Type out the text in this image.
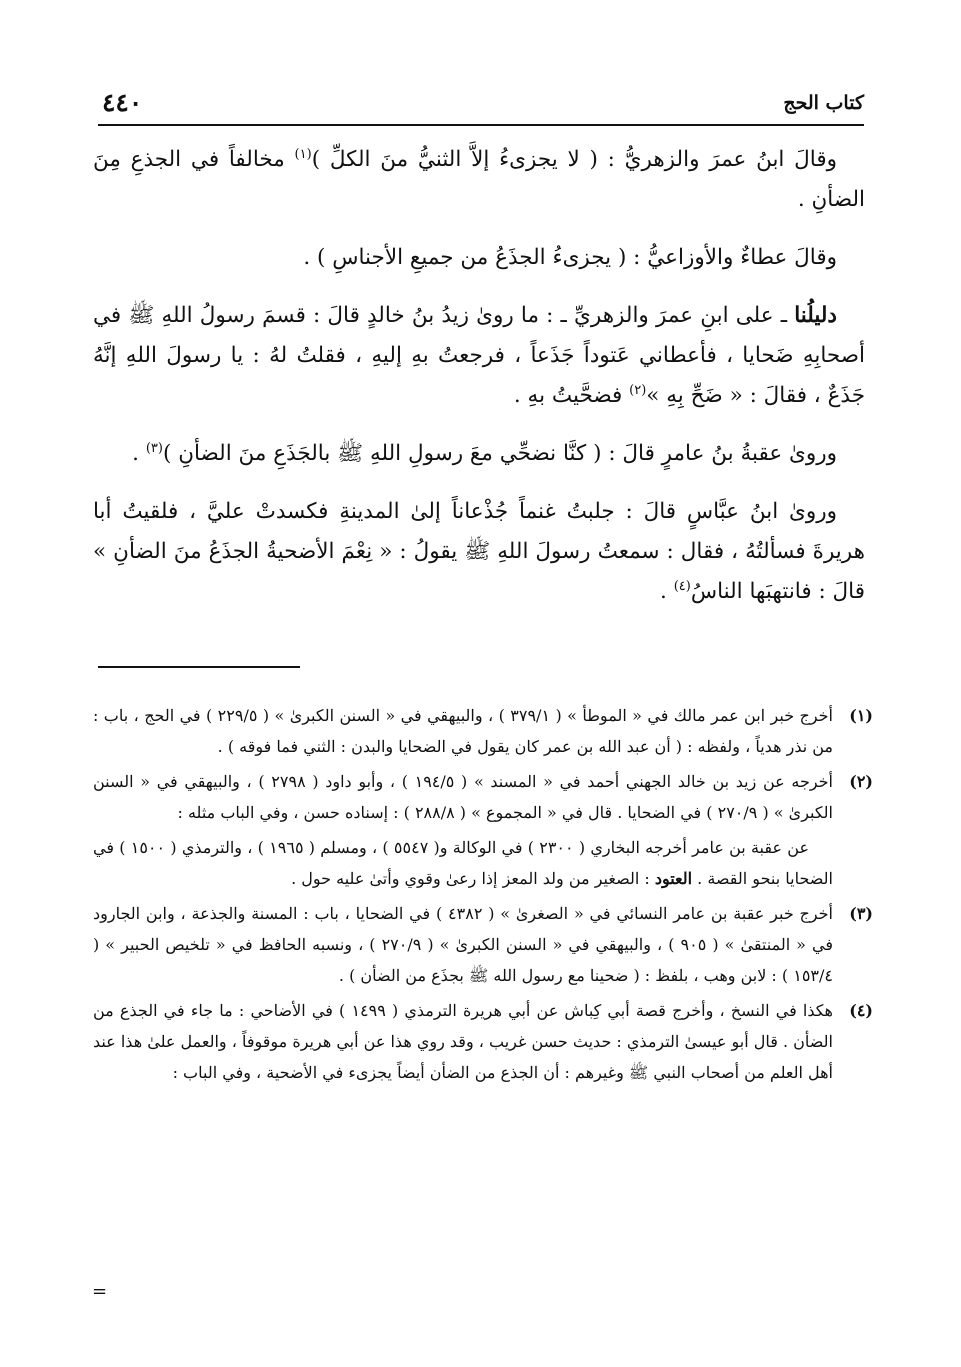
٤٤٠	كتاب الحج

وقالَ ابنُ عمرَ والزهريُّ : ( لا يجزىءُ إلاَّ الثنيُّ منَ الكلِّ )$^{(١)}$ مخالفاً في الجذعِ مِنَ الضأنِ .

وقالَ عطاءٌ والأوزاعيُّ : ( يجزىءُ الجذَعُ من جميعِ الأجناسِ ) .

دليلُنا ـ على ابنِ عمرَ والزهريِّ ـ : ما روىٰ زيدُ بنُ خالدٍ قالَ : قسمَ رسولُ اللهِ ﷺ في أصحابِهِ ضَحايا ، فأعطاني عَتوداً جَذَعاً ، فرجعتُ بهِ إليهِ ، فقلتُ لهُ : يا رسولَ اللهِ إنَّهُ جَذَعٌ ، فقالَ : « ضَحِّ بِهِ »$^{(٢)}$ فضحَّيتُ بهِ .

وروىٰ عقبةُ بنُ عامرٍ قالَ : ( كنَّا نضحِّي معَ رسولِ اللهِ ﷺ بالجَذَعِ منَ الضأنِ )$^{(٣)}$ .

وروىٰ ابنُ عبَّاسٍ قالَ : جلبتُ غنماً جُذْعاناً إلىٰ المدينةِ فكسدتْ عليَّ ، فلقيتُ أبا هريرةَ فسألتُهُ ، فقال : سمعتُ رسولَ اللهِ ﷺ يقولُ : « نِعْمَ الأضحيةُ الجذَعُ منَ الضأنِ » قالَ : فانتهبَها الناسُ$^{(٤)}$ .

(١)

أخرج خبر ابن عمر مالك في « الموطأ » ( ٣٧٩/١ ) ، والبيهقي في « السنن الكبرىٰ » ( ٢٢٩/٥ ) في الحج ، باب : من نذر هدياً ، ولفظه : ( أن عبد الله بن عمر كان يقول في الضحايا والبدن : الثني فما فوقه ) .

(٢)

أخرجه عن زيد بن خالد الجهني أحمد في « المسند » ( ١٩٤/٥ ) ، وأبو داود ( ٢٧٩٨ ) ، والبيهقي في « السنن الكبرىٰ » ( ٢٧٠/٩ ) في الضحايا . قال في « المجموع » ( ٢٨٨/٨ ) : إسناده حسن ، وفي الباب مثله :

عن عقبة بن عامر أخرجه البخاري ( ٢٣٠٠ ) في الوكالة و( ٥٥٤٧ ) ، ومسلم ( ١٩٦٥ ) ، والترمذي ( ١٥٠٠ ) في الضحايا بنحو القصة . العتود : الصغير من ولد المعز إذا رعىٰ وقوي وأتىٰ عليه حول .

(٣)

أخرج خبر عقبة بن عامر النسائي في « الصغرىٰ » ( ٤٣٨٢ ) في الضحايا ، باب : المسنة والجذعة ، وابن الجارود في « المنتقىٰ » ( ٩٠٥ ) ، والبيهقي في « السنن الكبرىٰ » ( ٢٧٠/٩ ) ، ونسبه الحافظ في « تلخيص الحبير » ( ١٥٣/٤ ) : لابن وهب ، بلفظ : ( ضحينا مع رسول الله ﷺ بجذَع من الضأن ) .

(٤)

هكذا في النسخ ، وأخرج قصة أبي كِباش عن أبي هريرة الترمذي ( ١٤٩٩ ) في الأضاحي : ما جاء في الجذع من الضأن . قال أبو عيسىٰ الترمذي : حديث حسن غريب ، وقد روي هذا عن أبي هريرة موقوفاً ، والعمل علىٰ هذا عند أهل العلم من أصحاب النبي ﷺ وغيرهم : أن الجذع من الضأن أيضاً يجزىء في الأضحية ، وفي الباب :

=
